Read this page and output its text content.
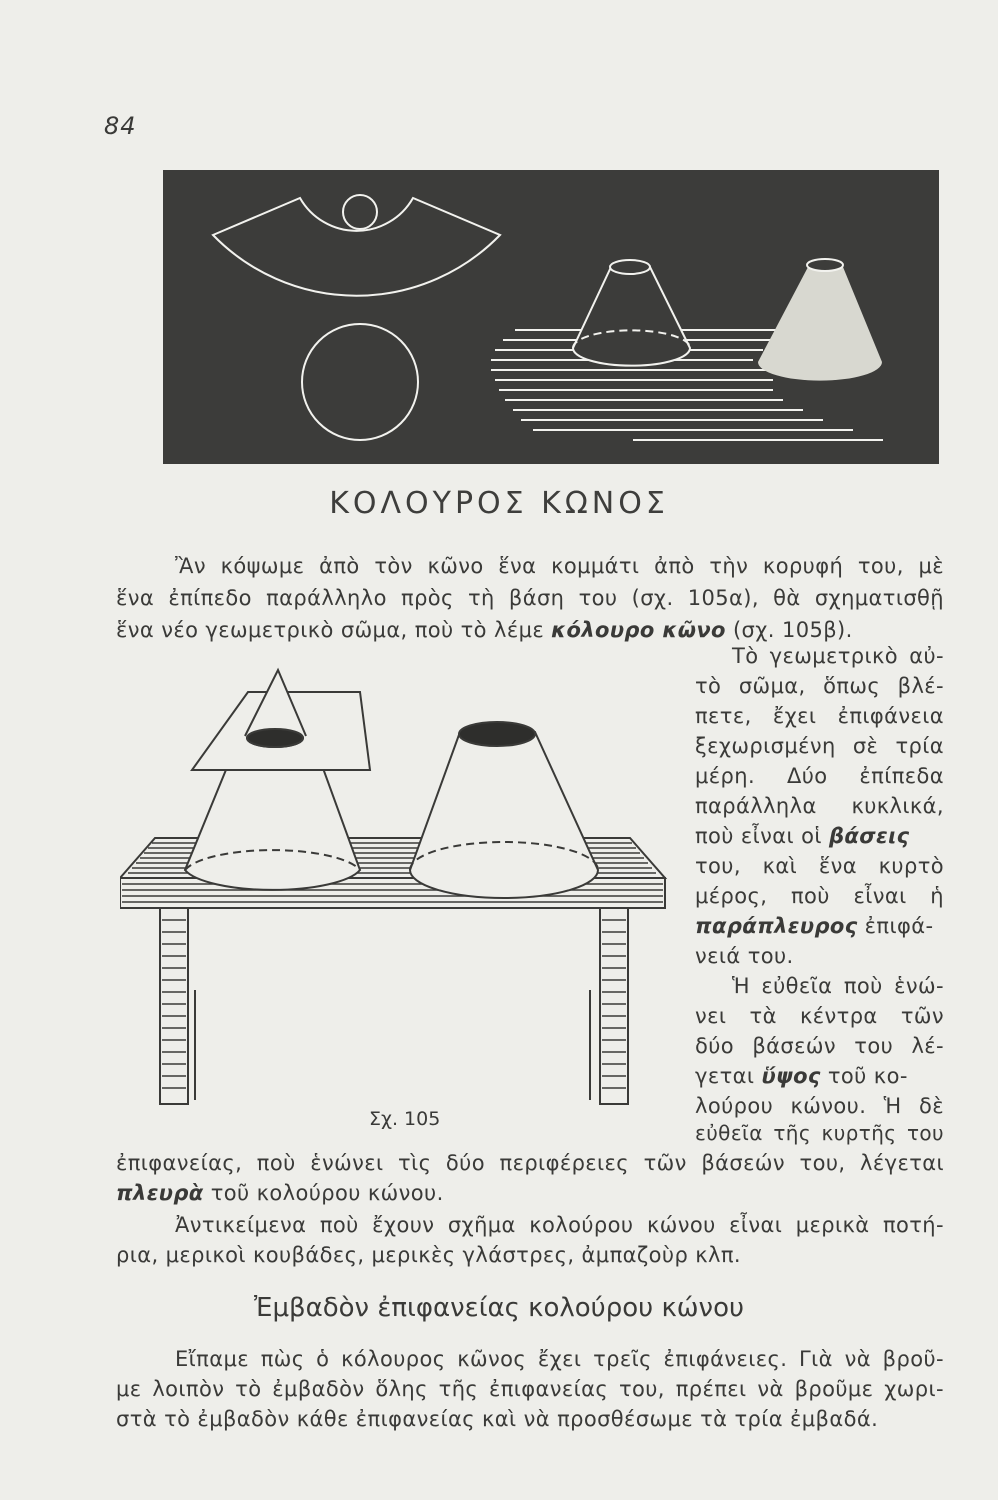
84
ΚΟΛΟΥΡΟΣ ΚΩΝΟΣ
Ἂν κόψωμε ἀπὸ τὸν κῶνο ἕνα κομμάτι ἀπὸ τὴν κορυφή του, μὲ
ἕνα ἐπίπεδο παράλληλο πρὸς τὴ βάση του (σχ. 105α), θὰ σχηματισθῇ
ἕνα νέο γεωμετρικὸ σῶμα, ποὺ τὸ λέμε κόλουρο κῶνο (σχ. 105β).
Τὸ γεωμετρικὸ αὐ-
τὸ σῶμα, ὅπως βλέ-
πετε, ἔχει ἐπιφάνεια
ξεχωρισμένη σὲ τρία
μέρη. Δύο ἐπίπεδα
παράλληλα κυκλικά,
ποὺ εἶναι οἱ βάσεις
του, καὶ ἕνα κυρτὸ
μέρος, ποὺ εἶναι ἡ
παράπλευρος ἐπιφά-
νειά του.
Ἡ εὐθεῖα ποὺ ἑνώ-
νει τὰ κέντρα τῶν
δύο βάσεών του λέ-
γεται ὕψος τοῦ κο-
λούρου κώνου. Ἡ δὲ
εὐθεῖα τῆς κυρτῆς του
Σχ. 105
ἐπιφανείας, ποὺ ἑνώνει τὶς δύο περιφέρειες τῶν βάσεών του, λέγεται
πλευρὰ τοῦ κολούρου κώνου.
Ἀντικείμενα ποὺ ἔχουν σχῆμα κολούρου κώνου εἶναι μερικὰ ποτή-
ρια, μερικοὶ κουβάδες, μερικὲς γλάστρες, ἀμπαζοὺρ κλπ.
Ἐμβαδὸν ἐπιφανείας κολούρου κώνου
Εἴπαμε πὼς ὁ κόλουρος κῶνος ἔχει τρεῖς ἐπιφάνειες. Γιὰ νὰ βροῦ-
με λοιπὸν τὸ ἐμβαδὸν ὅλης τῆς ἐπιφανείας του, πρέπει νὰ βροῦμε χωρι-
στὰ τὸ ἐμβαδὸν κάθε ἐπιφανείας καὶ νὰ προσθέσωμε τὰ τρία ἐμβαδά.
